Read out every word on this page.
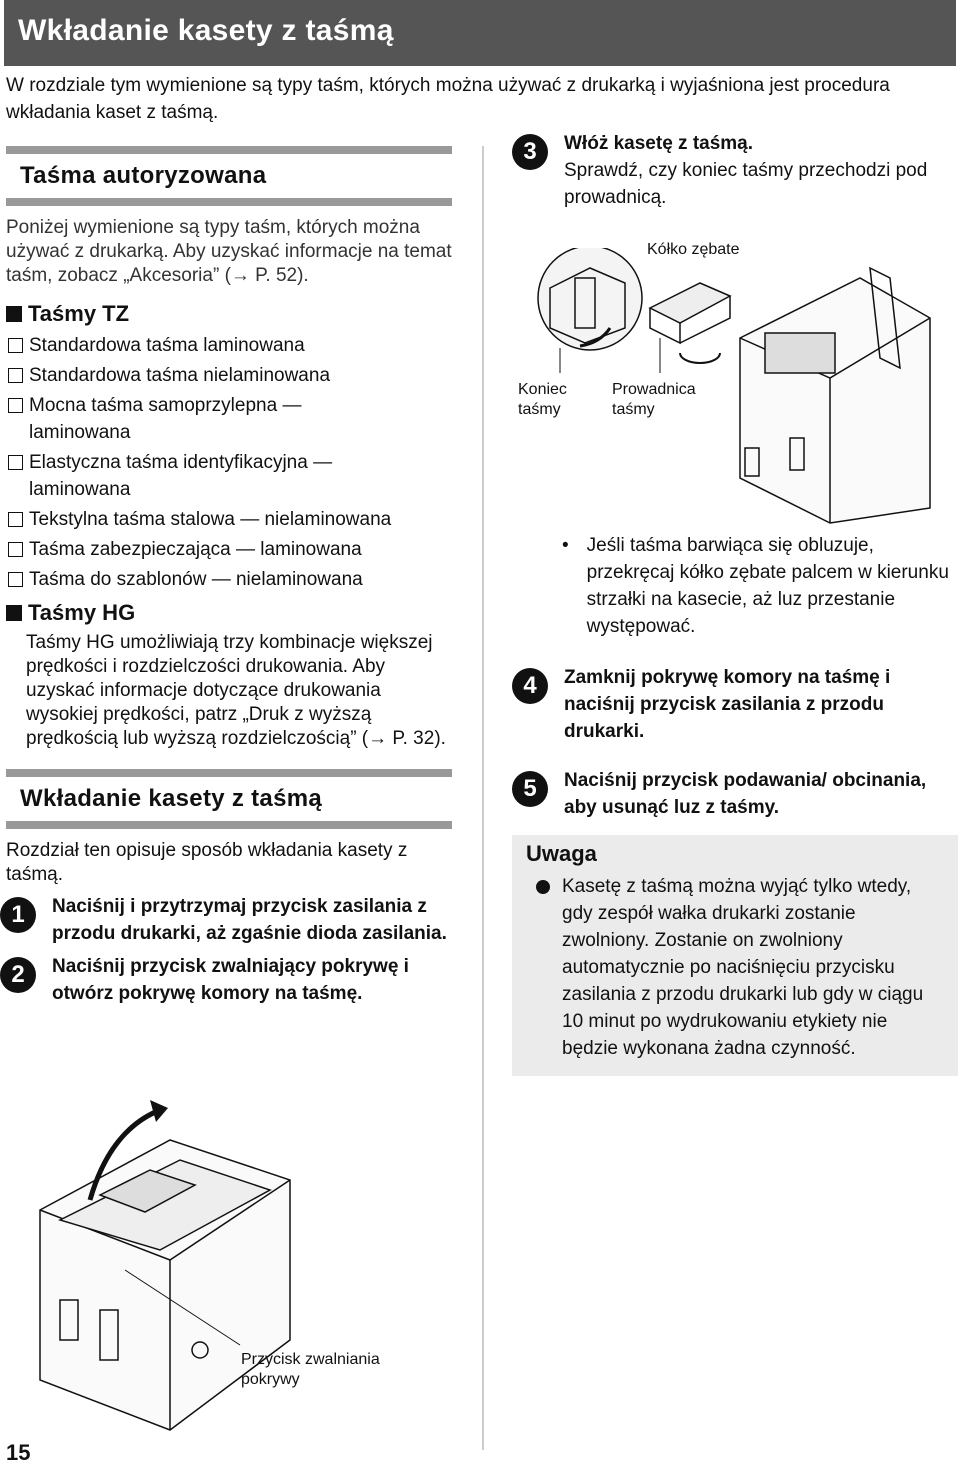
Wkładanie kasety z taśmą
W rozdziale tym wymienione są typy taśm, których można używać z drukarką i wyjaśniona jest procedura wkładania kaset z taśmą.
Taśma autoryzowana
Poniżej wymienione są typy taśm, których można używać z drukarką. Aby uzyskać informacje na temat taśm, zobacz „Akcesoria” (→ P. 52).
Taśmy TZ
Standardowa taśma laminowana
Standardowa taśma nielaminowana
Mocna taśma samoprzylepna — laminowana
Elastyczna taśma identyfikacyjna — laminowana
Tekstylna taśma stalowa — nielaminowana
Taśma zabezpieczająca — laminowana
Taśma do szablonów — nielaminowana
Taśmy HG
Taśmy HG umożliwiają trzy kombinacje większej prędkości i rozdzielczości drukowania. Aby uzyskać informacje dotyczące drukowania wysokiej prędkości, patrz „Druk z wyższą prędkością lub wyższą rozdzielczością” (→ P. 32).
Wkładanie kasety z taśmą
Rozdział ten opisuje sposób wkładania kasety z taśmą.
1	Naciśnij i przytrzymaj przycisk zasilania z przodu drukarki, aż zgaśnie dioda zasilania.
2	Naciśnij przycisk zwalniający pokrywę i otwórz pokrywę komory na taśmę.
Przycisk zwalniania pokrywy
3	Włóż kasetę z taśmą.
Sprawdź, czy koniec taśmy przechodzi pod prowadnicą.
Kółko zębate
Koniec taśmy
Prowadnica taśmy
• Jeśli taśma barwiąca się obluzuje, przekręcaj kółko zębate palcem w kierunku strzałki na kasecie, aż luz przestanie występować.
4	Zamknij pokrywę komory na taśmę i naciśnij przycisk zasilania z przodu drukarki.
5	Naciśnij przycisk podawania/ obcinania, aby usunąć luz z taśmy.
Uwaga
Kasetę z taśmą można wyjąć tylko wtedy, gdy zespół wałka drukarki zostanie zwolniony. Zostanie on zwolniony automatycznie po naciśnięciu przycisku zasilania z przodu drukarki lub gdy w ciągu 10 minut po wydrukowaniu etykiety nie będzie wykonana żadna czynność.
15
